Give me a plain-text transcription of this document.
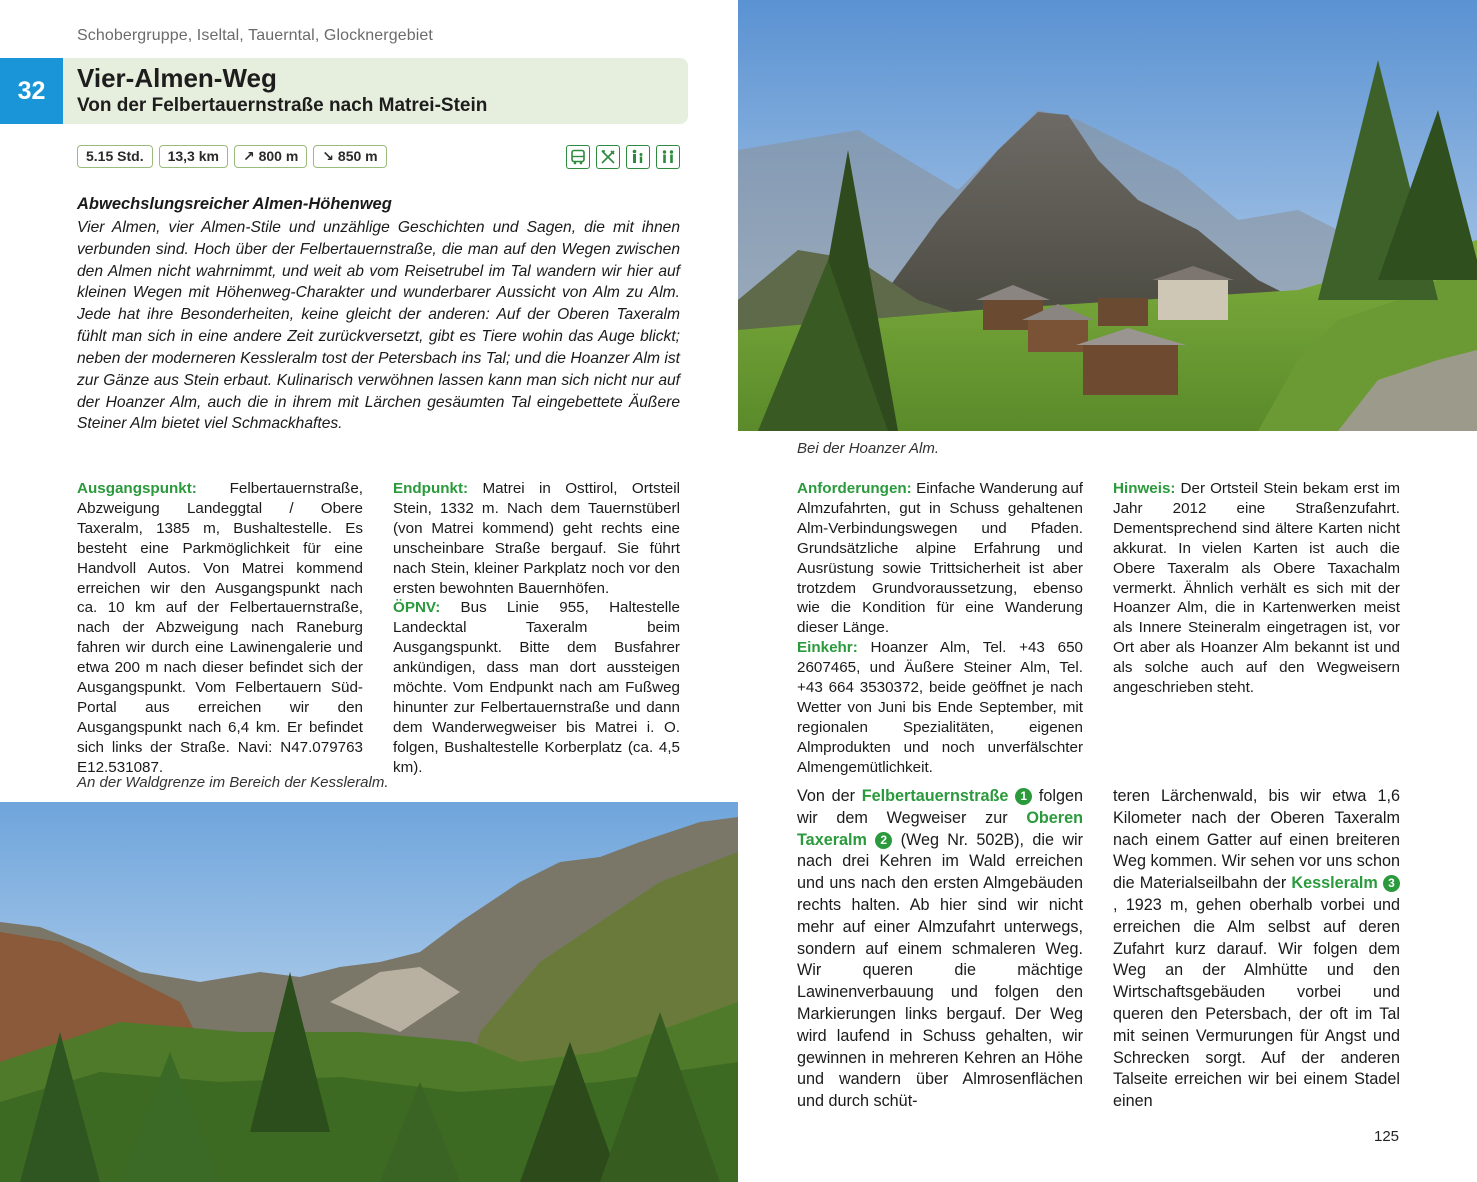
Schobergruppe, Iseltal, Tauerntal, Glocknergebiet
32	Vier-Almen-Weg
Von der Felbertauernstraße nach Matrei-Stein
5.15 Std.	13,3 km	↗ 800 m	↘ 850 m
Abwechslungsreicher Almen-Höhenweg
Vier Almen, vier Almen-Stile und unzählige Geschichten und Sagen, die mit ihnen verbunden sind. Hoch über der Felbertauernstraße, die man auf den Wegen zwischen den Almen nicht wahrnimmt, und weit ab vom Reisetrubel im Tal wandern wir hier auf kleinen Wegen mit Höhenweg-Charakter und wunderbarer Aussicht von Alm zu Alm. Jede hat ihre Besonderheiten, keine gleicht der anderen: Auf der Oberen Taxeralm fühlt man sich in eine andere Zeit zurückversetzt, gibt es Tiere wohin das Auge blickt; neben der moderneren Kessleralm tost der Petersbach ins Tal; und die Hoanzer Alm ist zur Gänze aus Stein erbaut. Kulinarisch verwöhnen lassen kann man sich nicht nur auf der Hoanzer Alm, auch die in ihrem mit Lärchen gesäumten Tal eingebettete Äußere Steiner Alm bietet viel Schmackhaftes.
Ausgangspunkt: Felbertauernstraße, Abzweigung Landeggtal / Obere Taxeralm, 1385 m, Bushaltestelle. Es besteht eine Parkmöglichkeit für eine Handvoll Autos. Von Matrei kommend erreichen wir den Ausgangspunkt nach ca. 10 km auf der Felbertauernstraße, nach der Abzweigung nach Raneburg fahren wir durch eine Lawinengalerie und etwa 200 m nach dieser befindet sich der Ausgangspunkt. Vom Felbertauern Süd-Portal aus erreichen wir den Ausgangspunkt nach 6,4 km. Er befindet sich links der Straße. Navi: N47.079763 E12.531087.
Endpunkt: Matrei in Osttirol, Ortsteil Stein, 1332 m. Nach dem Tauernstüberl (von Matrei kommend) geht rechts eine unscheinbare Straße bergauf. Sie führt nach Stein, kleiner Parkplatz noch vor den ersten bewohnten Bauernhöfen.
ÖPNV: Bus Linie 955, Haltestelle Landecktal Taxeralm beim Ausgangspunkt. Bitte dem Busfahrer ankündigen, dass man dort aussteigen möchte. Vom Endpunkt nach am Fußweg hinunter zur Felbertauernstraße und dann dem Wanderwegweiser bis Matrei i. O. folgen, Bushaltestelle Korberplatz (ca. 4,5 km).
Anforderungen: Einfache Wanderung auf Almzufahrten, gut in Schuss gehaltenen Alm-Verbindungswegen und Pfaden. Grundsätzliche alpine Erfahrung und Ausrüstung sowie Trittsicherheit ist aber trotzdem Grundvoraussetzung, ebenso wie die Kondition für eine Wanderung dieser Länge.
Einkehr: Hoanzer Alm, Tel. +43 650 2607465, und Äußere Steiner Alm, Tel. +43 664 3530372, beide geöffnet je nach Wetter von Juni bis Ende September, mit regionalen Spezialitäten, eigenen Almprodukten und noch unverfälschter Almengemütlichkeit.
Hinweis: Der Ortsteil Stein bekam erst im Jahr 2012 eine Straßenzufahrt. Dementsprechend sind ältere Karten nicht akkurat. In vielen Karten ist auch die Obere Taxeralm als Obere Taxachalm vermerkt. Ähnlich verhält es sich mit der Hoanzer Alm, die in Kartenwerken meist als Innere Steineralm eingetragen ist, vor Ort aber als Hoanzer Alm bekannt ist und als solche auch auf den Wegweisern angeschrieben steht.
Bei der Hoanzer Alm.
An der Waldgrenze im Bereich der Kessleralm.
Von der Felbertauernstraße 1 folgen wir dem Wegweiser zur Oberen Taxeralm 2 (Weg Nr. 502B), die wir nach drei Kehren im Wald erreichen und uns nach den ersten Almgebäuden rechts halten. Ab hier sind wir nicht mehr auf einer Almzufahrt unterwegs, sondern auf einem schmaleren Weg. Wir queren die mächtige Lawinenverbauung und folgen den Markierungen links bergauf. Der Weg wird laufend in Schuss gehalten, wir gewinnen in mehreren Kehren an Höhe und wandern über Almrosenflächen und durch schüt-
teren Lärchenwald, bis wir etwa 1,6 Kilometer nach der Oberen Taxeralm nach einem Gatter auf einen breiteren Weg kommen. Wir sehen vor uns schon die Materialseilbahn der Kessleralm 3, 1923 m, gehen oberhalb vorbei und erreichen die Alm selbst auf deren Zufahrt kurz darauf. Wir folgen dem Weg an der Almhütte und den Wirtschaftsgebäuden vorbei und queren den Petersbach, der oft im Tal mit seinen Vermurungen für Angst und Schrecken sorgt. Auf der anderen Talseite erreichen wir bei einem Stadel einen
125
